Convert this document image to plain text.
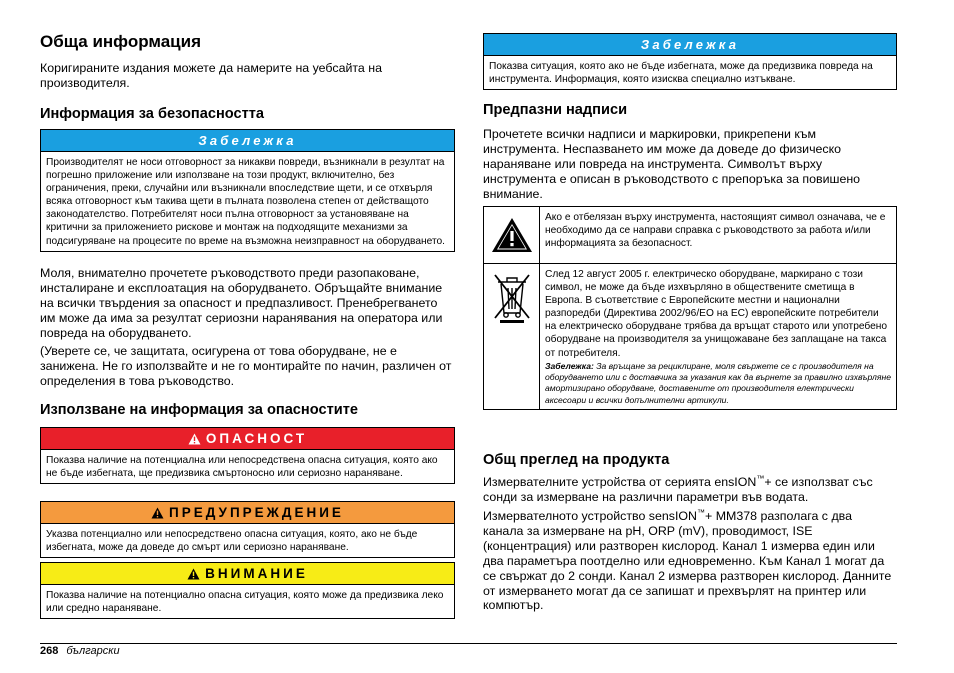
Обща информация

Коригираните издания можете да намерите на уебсайта на производителя.

Информация за безопасността
Забележка
Производителят не носи отговорност за никакви повреди, възникнали в резултат на погрешно приложение или използване на този продукт, включително, без ограничения, преки, случайни или възникнали впоследствие щети, и се отхвърля всяка отговорност към такива щети в пълната позволена степен от действащото законодателство. Потребителят носи пълна отговорност за установяване на критични за приложението рискове и монтаж на подходящите механизми за подсигуряване на процесите по време на възможна неизправност на оборудването.

Моля, внимателно прочетете ръководството преди разопаковане, инсталиране и експлоатация на оборудването. Обръщайте внимание на всички твърдения за опасност и предпазливост. Пренебрегването им може да има за резултат сериозни наранявания на оператора или повреда на оборудването.

(Уверете се, че защитата, осигурена от това оборудване, не е занижена. Не го използвайте и не го монтирайте по начин, различен от определения в това ръководство.

Използване на информация за опасностите
ОПАСНОСТ
Показва наличие на потенциална или непосредствена опасна ситуация, която ако не бъде избегната, ще предизвика смъртоносно или сериозно нараняване.
ПРЕДУПРЕЖДЕНИЕ
Указва потенциално или непосредствено опасна ситуация, която, ако не бъде избегната, може да доведе до смърт или сериозно нараняване.
ВНИМАНИЕ
Показва наличие на потенциално опасна ситуация, която може да предизвика леко или средно нараняване.
Забележка
Показва ситуация, която ако не бъде избегната, може да предизвика повреда на инструмента. Информация, която изисква специално изтъкване.
Предпазни надписи

Прочетете всички надписи и маркировки, прикрепени към инструмента. Неспазването им може да доведе до физическо нараняване или повреда на инструмента. Символът върху инструмента е описан в ръководството с препоръка за повишено внимание.

	Ако е отбелязан върху инструмента, настоящият символ означава, че е необходимо да се направи справка с ръководството за работа и/или информацията за безопасност.
	След 12 август 2005 г. електрическо оборудване, маркирано с този символ, не може да бъде изхвърляно в обществените сметища в Европа. В съответствие с Европейските местни и национални разпоредби (Директива 2002/96/ЕО на ЕС) европейските потребители на електрическо оборудване трябва да връщат старото или употребено оборудване на производителя за унищожаване без заплащане на такса от потребителя.
Забележка: За връщане за рециклиране, моля свържете се с производителя на оборудването или с доставчика за указания как да върнете за правилно изхвърляне амортизирано оборудване, доставените от производителя електрически аксесоари и всички допълнителни артикули.
Общ преглед на продукта

Измервателните устройства от серията ensION™+ се използват със сонди за измерване на различни параметри във водата.

Измервателното устройство sensION™+ MM378 разполага с два канала за измерване на pH, ORP (mV), проводимост, ISE (концентрация) или разтворен кислород. Канал 1 измерва един или два параметъра поотделно или едновременно. Към Канал 1 могат да се свържат до 2 сонди. Канал 2 измерва разтворен кислород. Данните от измерването могат да се запишат и прехвърлят на принтер или компютър.

268 български
